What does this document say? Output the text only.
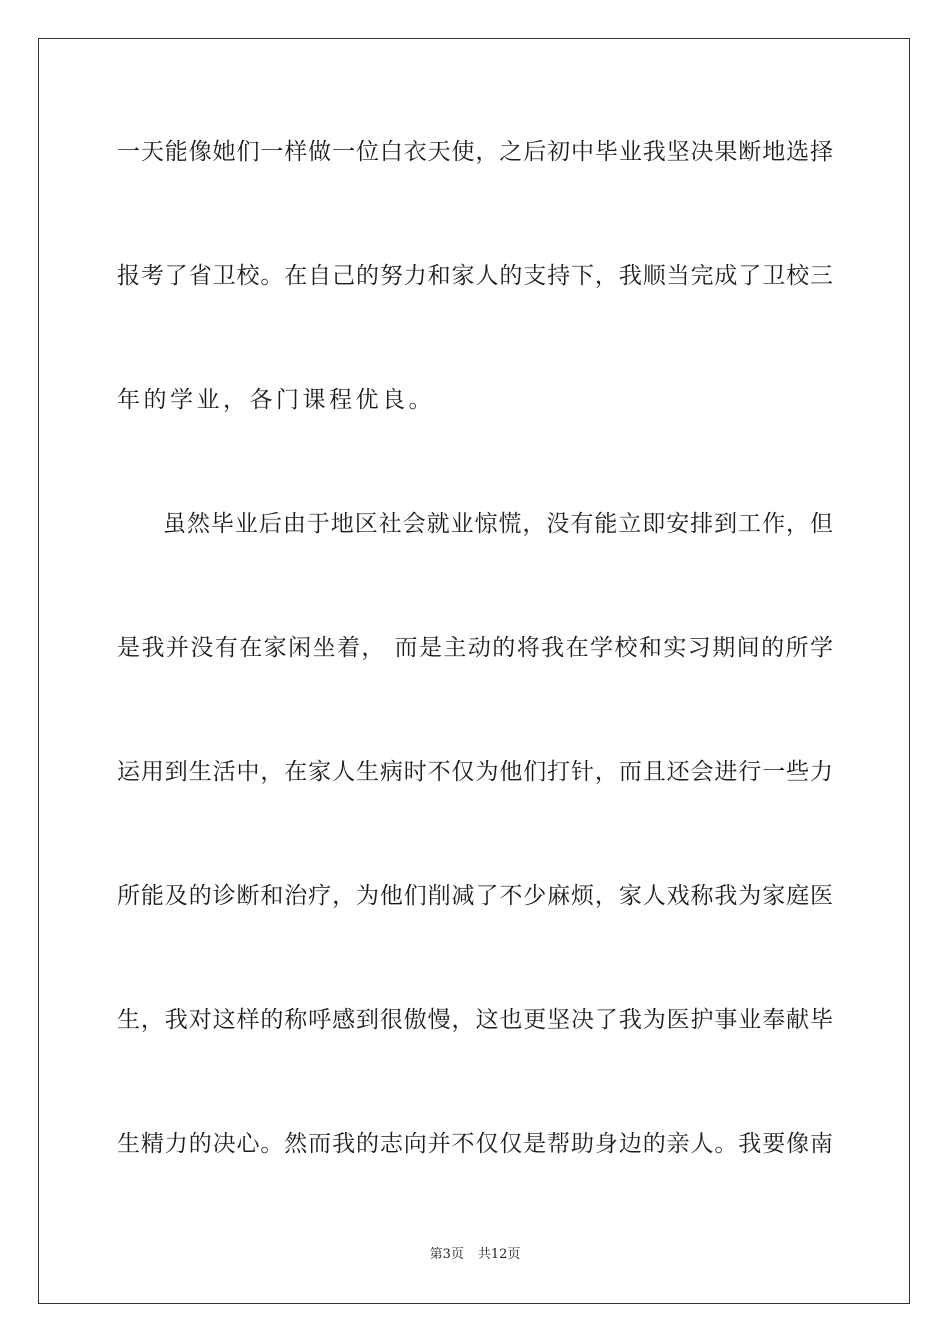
一天能像她们一样做一位白衣天使，之后初中毕业我坚决果断地选择
报考了省卫校。在自己的努力和家人的支持下，我顺当完成了卫校三
年的学业，各门课程优良。
虽然毕业后由于地区社会就业惊慌，没有能立即安排到工作，但
是我并没有在家闲坐着， 而是主动的将我在学校和实习期间的所学
运用到生活中，在家人生病时不仅为他们打针，而且还会进行一些力
所能及的诊断和治疗，为他们削减了不少麻烦，家人戏称我为家庭医
生，我对这样的称呼感到很傲慢，这也更坚决了我为医护事业奉献毕
生精力的决心。然而我的志向并不仅仅是帮助身边的亲人。我要像南
第3页 共12页
